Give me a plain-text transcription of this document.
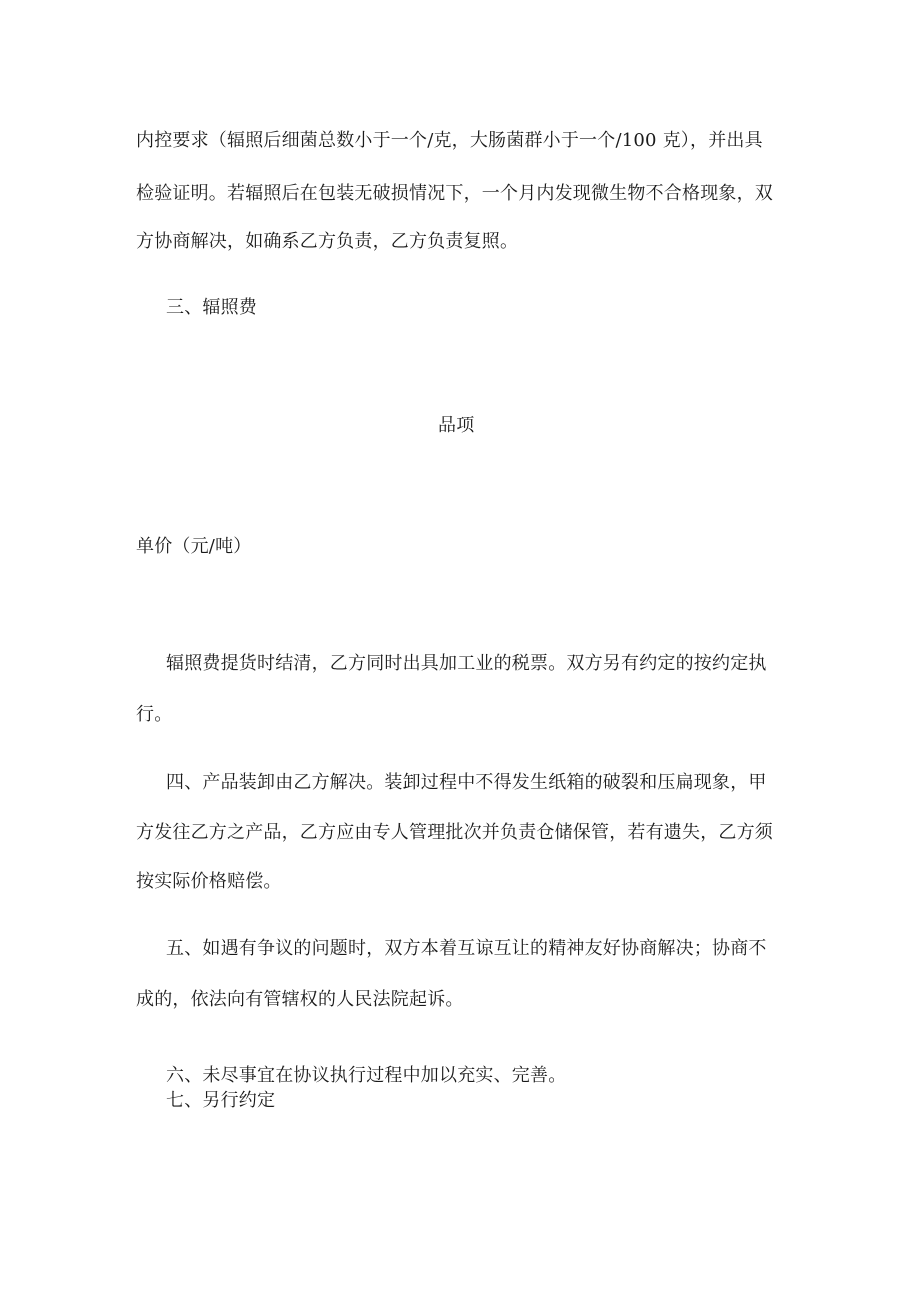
内控要求（辐照后细菌总数小于一个/克，大肠菌群小于一个/100 克），并出具
检验证明。若辐照后在包装无破损情况下，一个月内发现微生物不合格现象，双
方协商解决，如确系乙方负责，乙方负责复照。
三、辐照费
品项
单价（元/吨）
辐照费提货时结清，乙方同时出具加工业的税票。双方另有约定的按约定执
行。
四、产品装卸由乙方解决。装卸过程中不得发生纸箱的破裂和压扁现象，甲
方发往乙方之产品，乙方应由专人管理批次并负责仓储保管，若有遗失，乙方须
按实际价格赔偿。
五、如遇有争议的问题时，双方本着互谅互让的精神友好协商解决；协商不
成的，依法向有管辖权的人民法院起诉。
六、未尽事宜在协议执行过程中加以充实、完善。
七、另行约定
